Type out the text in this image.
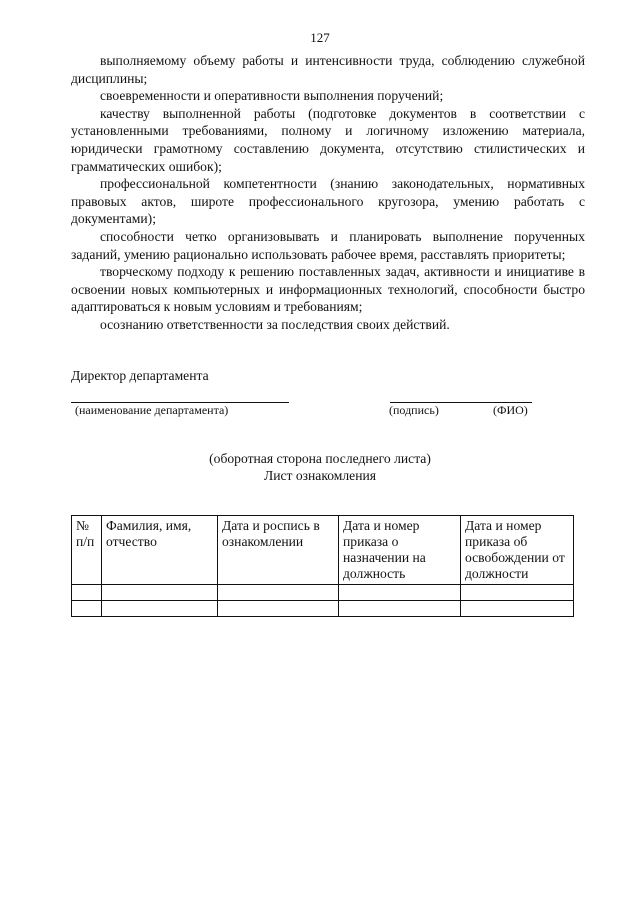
127

выполняемому объему работы и интенсивности труда, соблюдению служебной дисциплины;

своевременности и оперативности выполнения поручений;

качеству выполненной работы (подготовке документов в соответствии с установленными требованиями, полному и логичному изложению материала, юридически грамотному составлению документа, отсутствию стилистических и грамматических ошибок);

профессиональной компетентности (знанию законодательных, нормативных правовых актов, широте профессионального кругозора, умению работать с документами);

способности четко организовывать и планировать выполнение порученных заданий, умению рационально использовать рабочее время, расставлять приоритеты;

творческому подходу к решению поставленных задач, активности и инициативе в освоении новых компьютерных и информационных технологий, способности быстро адаптироваться к новым условиям и требованиям;

осознанию ответственности за последствия своих действий.

Директор департамента
(наименование департамента)	(подпись)	(ФИО)
(оборотная сторона последнего листа)
Лист ознакомления
№ п/п	Фамилия, имя, отчество	Дата и роспись в ознакомлении	Дата и номер приказа о назначении на должность	Дата и номер приказа об освобождении от должности
